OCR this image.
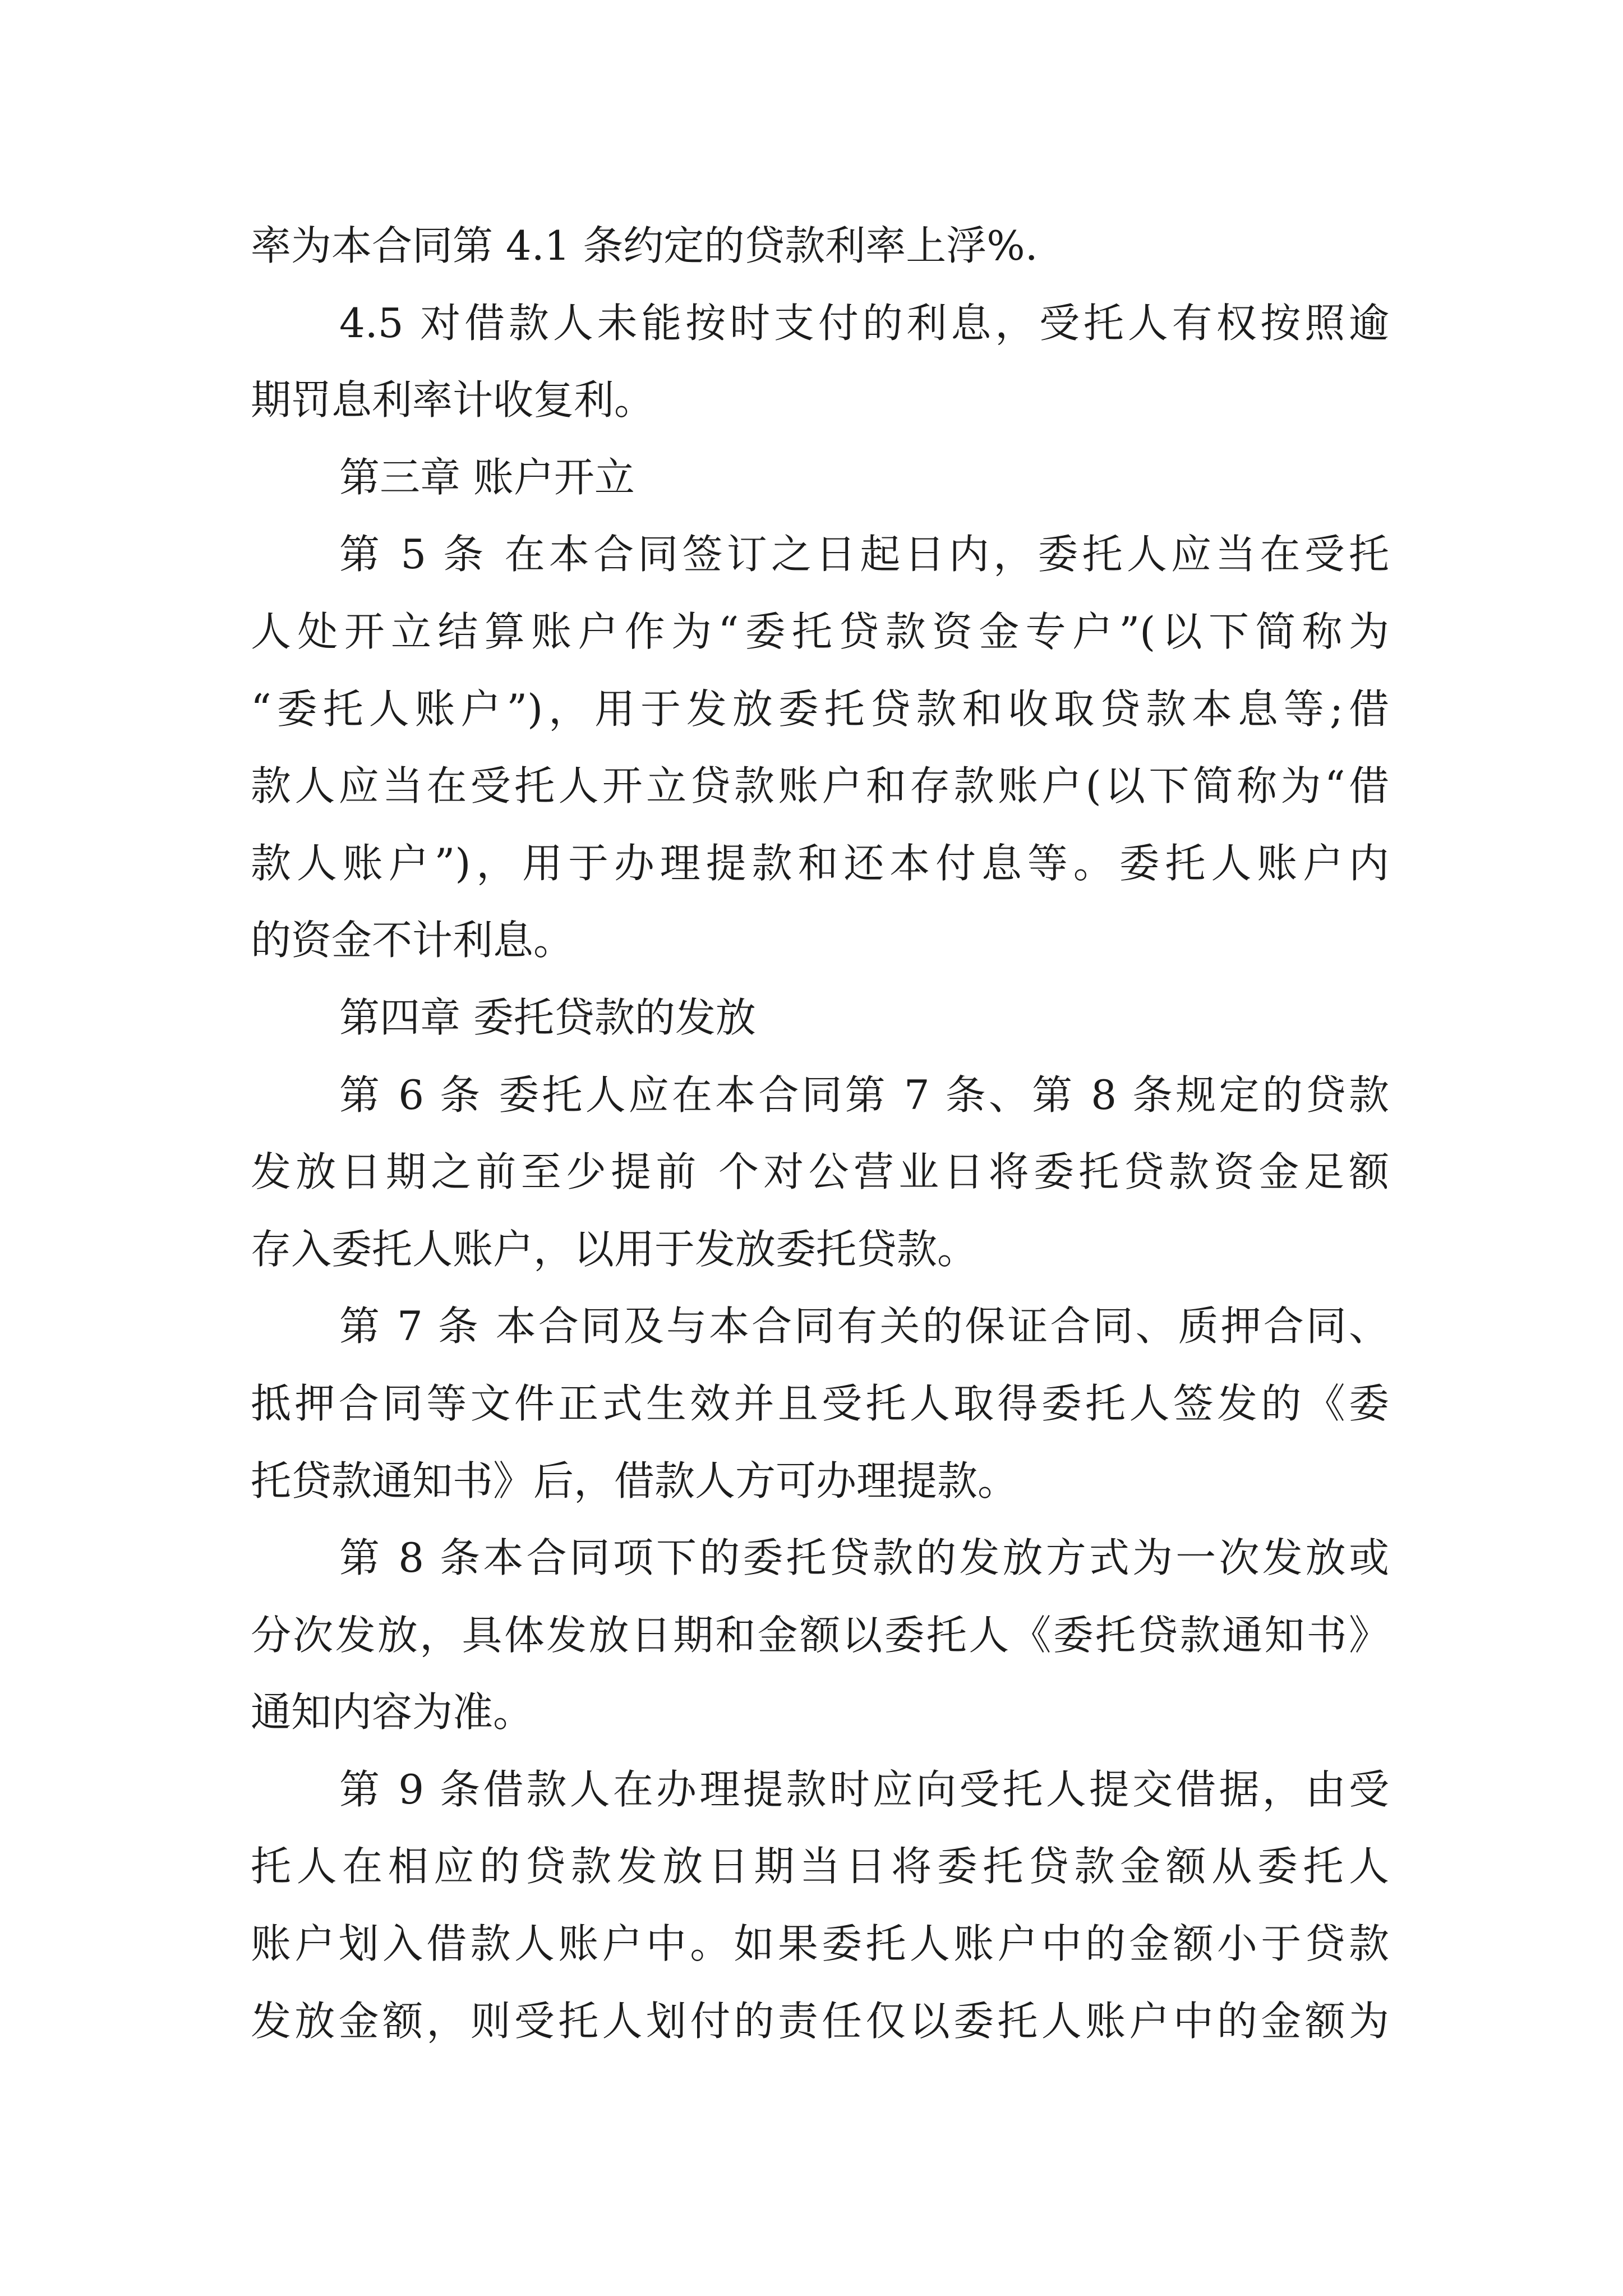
率为本合同第 4.1 条约定的贷款利率上浮%.
4.5 对借款人未能按时支付的利息，受托人有权按照逾
期罚息利率计收复利。
第三章 账户开立
第 5 条 在本合同签订之日起日内，委托人应当在受托
人处开立结算账户作为“委托贷款资金专户”(以下简称为
“委托人账户”)，用于发放委托贷款和收取贷款本息等;借
款人应当在受托人开立贷款账户和存款账户(以下简称为“借
款人账户”)，用于办理提款和还本付息等。委托人账户内
的资金不计利息。
第四章 委托贷款的发放
第 6 条 委托人应在本合同第 7 条、第 8 条规定的贷款
发放日期之前至少提前 个对公营业日将委托贷款资金足额
存入委托人账户，以用于发放委托贷款。
第 7 条 本合同及与本合同有关的保证合同、质押合同、
抵押合同等文件正式生效并且受托人取得委托人签发的《委
托贷款通知书》后，借款人方可办理提款。
第 8 条本合同项下的委托贷款的发放方式为一次发放或
分次发放，具体发放日期和金额以委托人《委托贷款通知书》
通知内容为准。
第 9 条借款人在办理提款时应向受托人提交借据，由受
托人在相应的贷款发放日期当日将委托贷款金额从委托人
账户划入借款人账户中。如果委托人账户中的金额小于贷款
发放金额，则受托人划付的责任仅以委托人账户中的金额为
